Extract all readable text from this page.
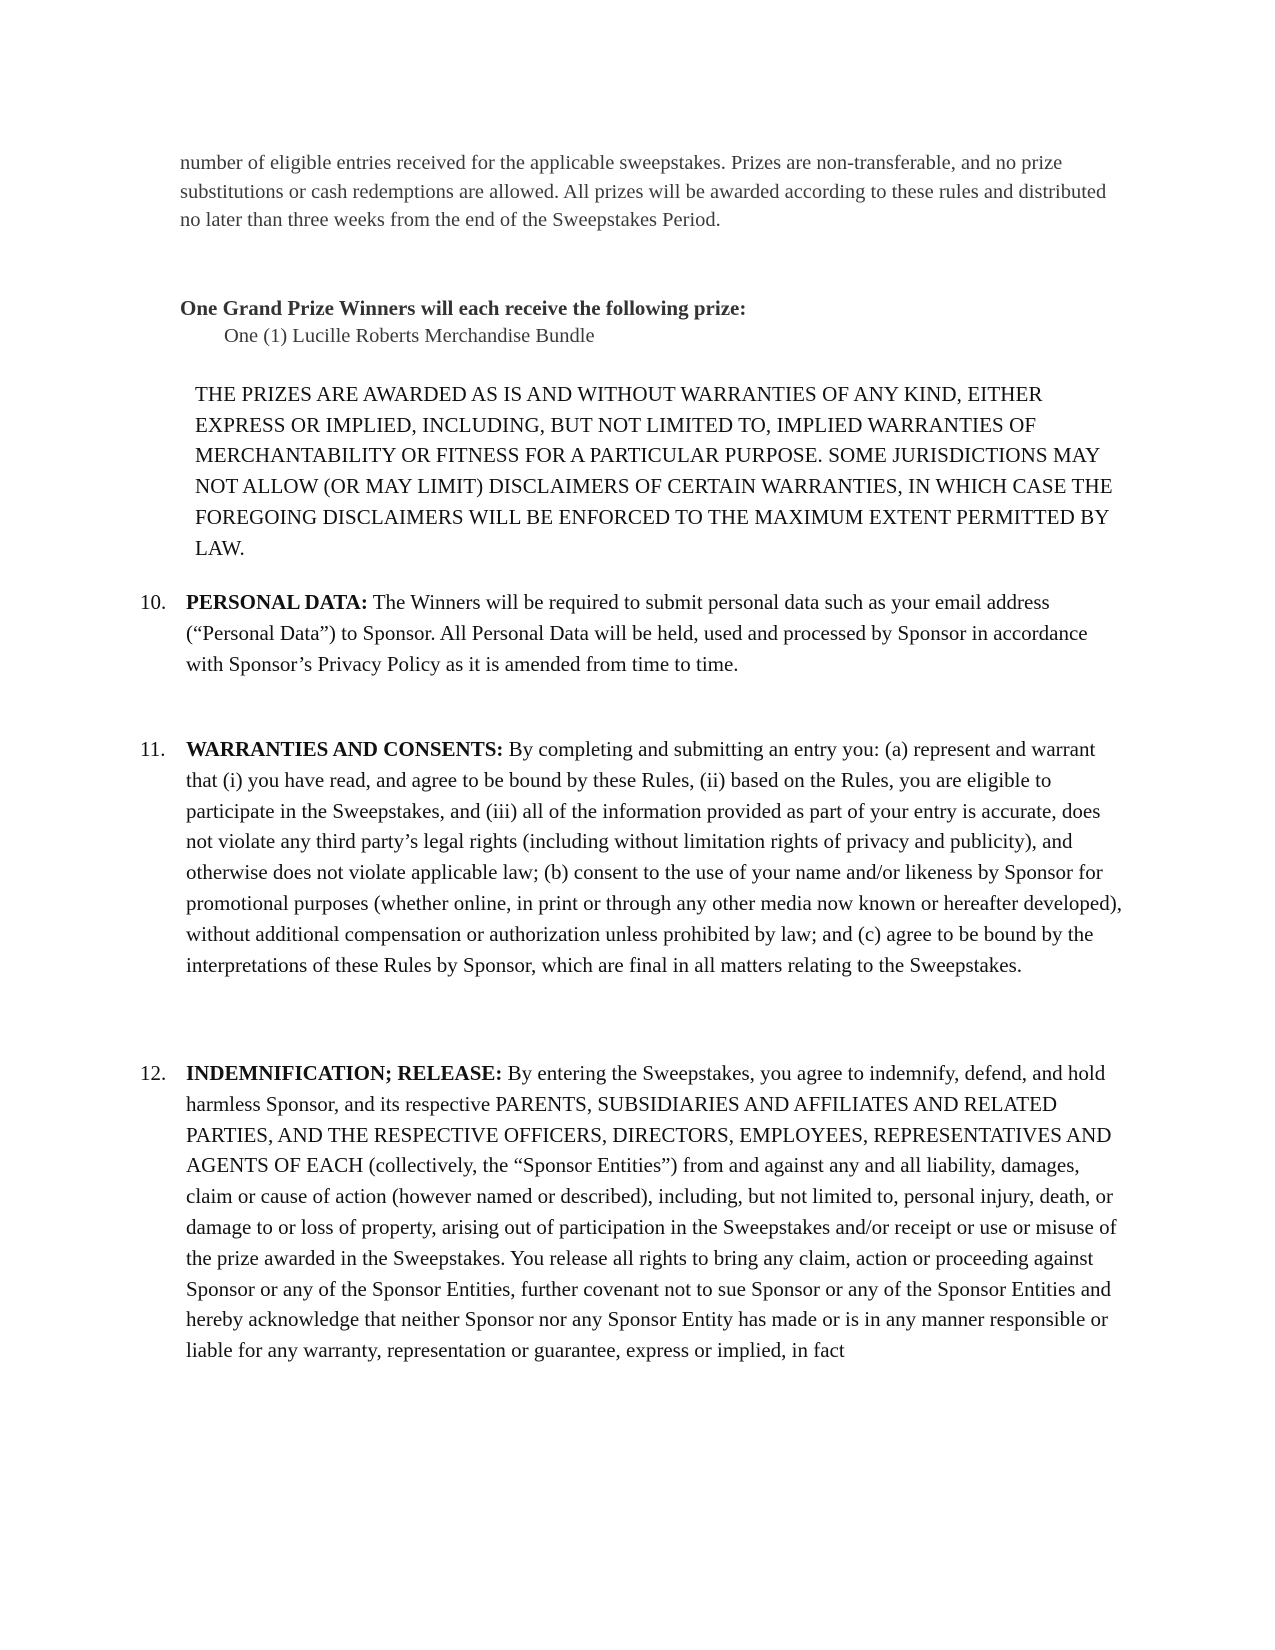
number of eligible entries received for the applicable sweepstakes. Prizes are non-transferable, and no prize substitutions or cash redemptions are allowed. All prizes will be awarded according to these rules and distributed no later than three weeks from the end of the Sweepstakes Period.

One Grand Prize Winners will each receive the following prize:

One (1) Lucille Roberts Merchandise Bundle

THE PRIZES ARE AWARDED AS IS AND WITHOUT WARRANTIES OF ANY KIND, EITHER EXPRESS OR IMPLIED, INCLUDING, BUT NOT LIMITED TO, IMPLIED WARRANTIES OF MERCHANTABILITY OR FITNESS FOR A PARTICULAR PURPOSE. SOME JURISDICTIONS MAY NOT ALLOW (OR MAY LIMIT) DISCLAIMERS OF CERTAIN WARRANTIES, IN WHICH CASE THE FOREGOING DISCLAIMERS WILL BE ENFORCED TO THE MAXIMUM EXTENT PERMITTED BY LAW.

10. PERSONAL DATA: The Winners will be required to submit personal data such as your email address (“Personal Data”) to Sponsor. All Personal Data will be held, used and processed by Sponsor in accordance with Sponsor’s Privacy Policy as it is amended from time to time.
11. WARRANTIES AND CONSENTS: By completing and submitting an entry you: (a) represent and warrant that (i) you have read, and agree to be bound by these Rules, (ii) based on the Rules, you are eligible to participate in the Sweepstakes, and (iii) all of the information provided as part of your entry is accurate, does not violate any third party’s legal rights (including without limitation rights of privacy and publicity), and otherwise does not violate applicable law; (b) consent to the use of your name and/or likeness by Sponsor for promotional purposes (whether online, in print or through any other media now known or hereafter developed), without additional compensation or authorization unless prohibited by law; and (c) agree to be bound by the interpretations of these Rules by Sponsor, which are final in all matters relating to the Sweepstakes.
12. INDEMNIFICATION; RELEASE: By entering the Sweepstakes, you agree to indemnify, defend, and hold harmless Sponsor, and its respective PARENTS, SUBSIDIARIES AND AFFILIATES AND RELATED PARTIES, AND THE RESPECTIVE OFFICERS, DIRECTORS, EMPLOYEES, REPRESENTATIVES AND AGENTS OF EACH (collectively, the “Sponsor Entities”) from and against any and all liability, damages, claim or cause of action (however named or described), including, but not limited to, personal injury, death, or damage to or loss of property, arising out of participation in the Sweepstakes and/or receipt or use or misuse of the prize awarded in the Sweepstakes. You release all rights to bring any claim, action or proceeding against Sponsor or any of the Sponsor Entities, further covenant not to sue Sponsor or any of the Sponsor Entities and hereby acknowledge that neither Sponsor nor any Sponsor Entity has made or is in any manner responsible or liable for any warranty, representation or guarantee, express or implied, in fact
